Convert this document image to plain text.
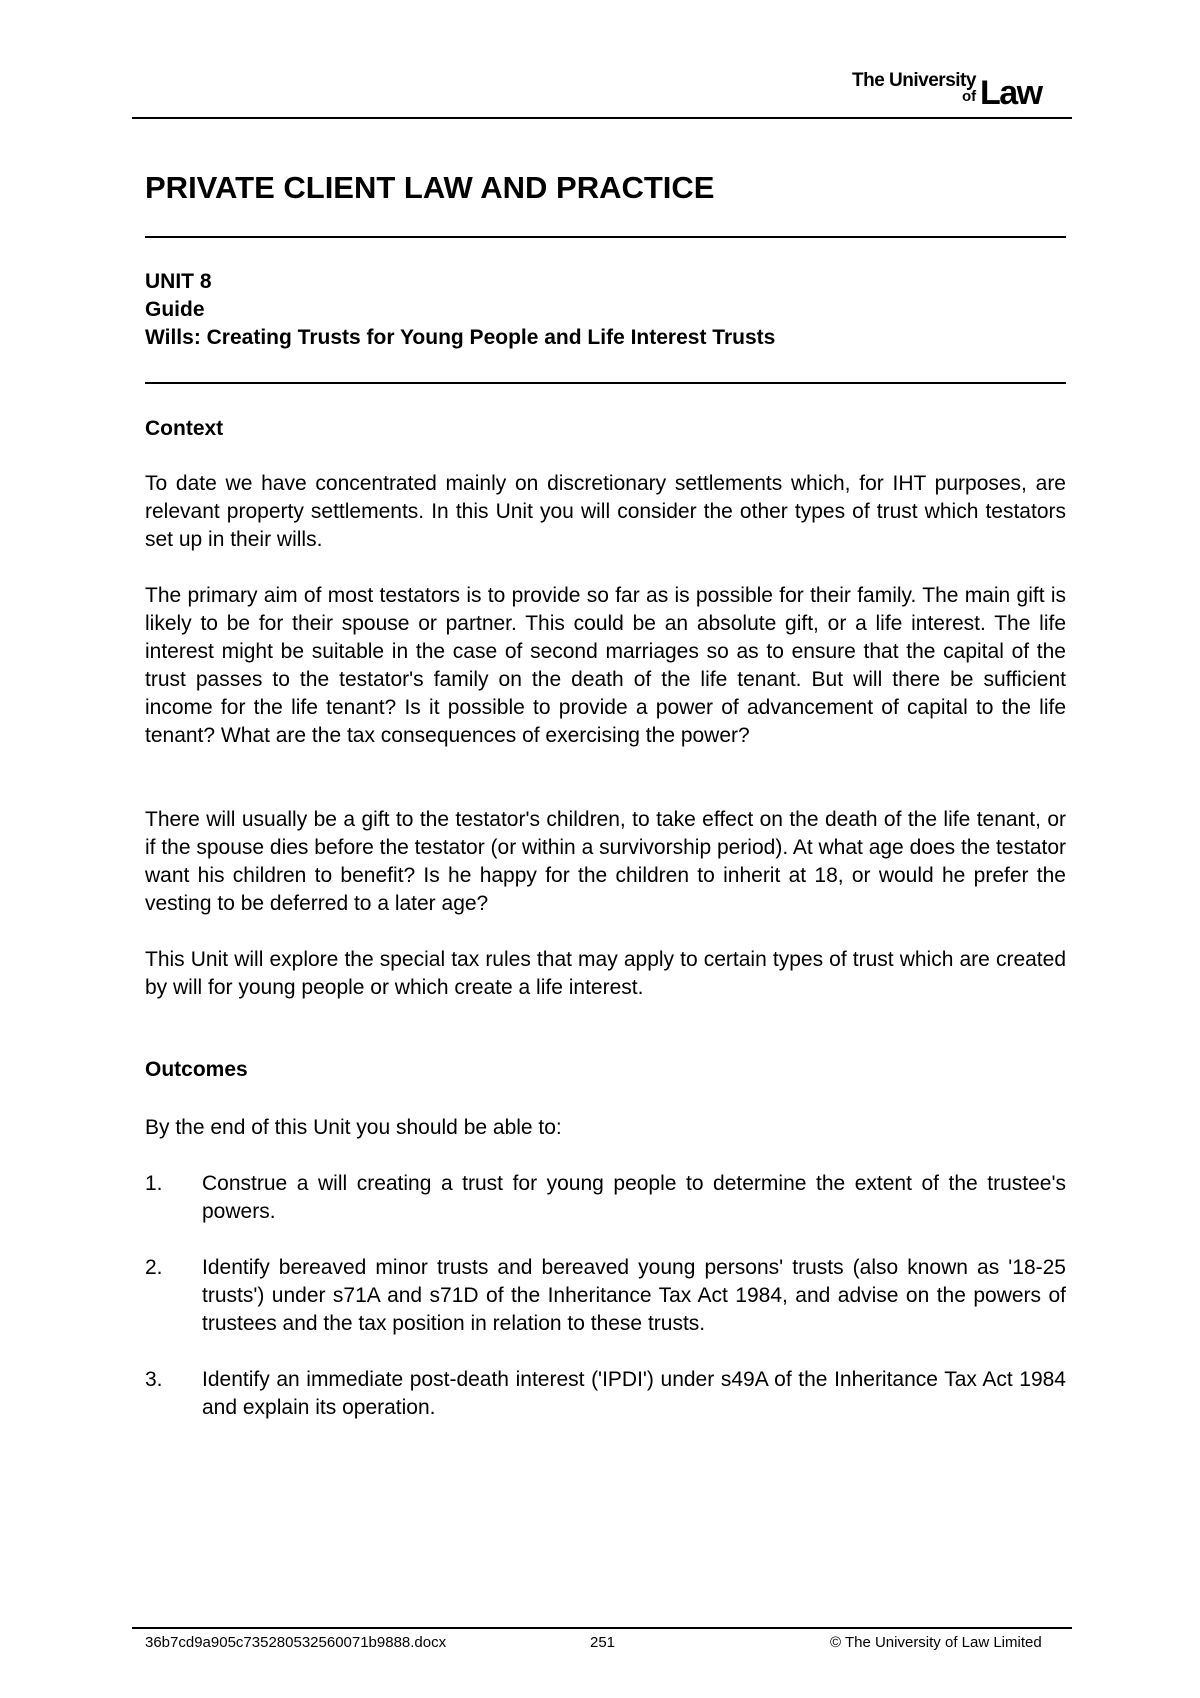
The University
of Law
PRIVATE CLIENT LAW AND PRACTICE
UNIT 8
Guide
Wills: Creating Trusts for Young People and Life Interest Trusts
Context
To date we have concentrated mainly on discretionary settlements which, for IHT purposes, are relevant property settlements. In this Unit you will consider the other types of trust which testators set up in their wills.
The primary aim of most testators is to provide so far as is possible for their family. The main gift is likely to be for their spouse or partner. This could be an absolute gift, or a life interest. The life interest might be suitable in the case of second marriages so as to ensure that the capital of the trust passes to the testator's family on the death of the life tenant. But will there be sufficient income for the life tenant? Is it possible to provide a power of advancement of capital to the life tenant? What are the tax consequences of exercising the power?
There will usually be a gift to the testator's children, to take effect on the death of the life tenant, or if the spouse dies before the testator (or within a survivorship period). At what age does the testator want his children to benefit? Is he happy for the children to inherit at 18, or would he prefer the vesting to be deferred to a later age?
This Unit will explore the special tax rules that may apply to certain types of trust which are created by will for young people or which create a life interest.
Outcomes
By the end of this Unit you should be able to:
1.	Construe a will creating a trust for young people to determine the extent of the trustee's powers.
2.	Identify bereaved minor trusts and bereaved young persons' trusts (also known as '18-25 trusts') under s71A and s71D of the Inheritance Tax Act 1984, and advise on the powers of trustees and the tax position in relation to these trusts.
3.	Identify an immediate post-death interest ('IPDI') under s49A of the Inheritance Tax Act 1984 and explain its operation.
36b7cd9a905c735280532560071b9888.docx	251	© The University of Law Limited
